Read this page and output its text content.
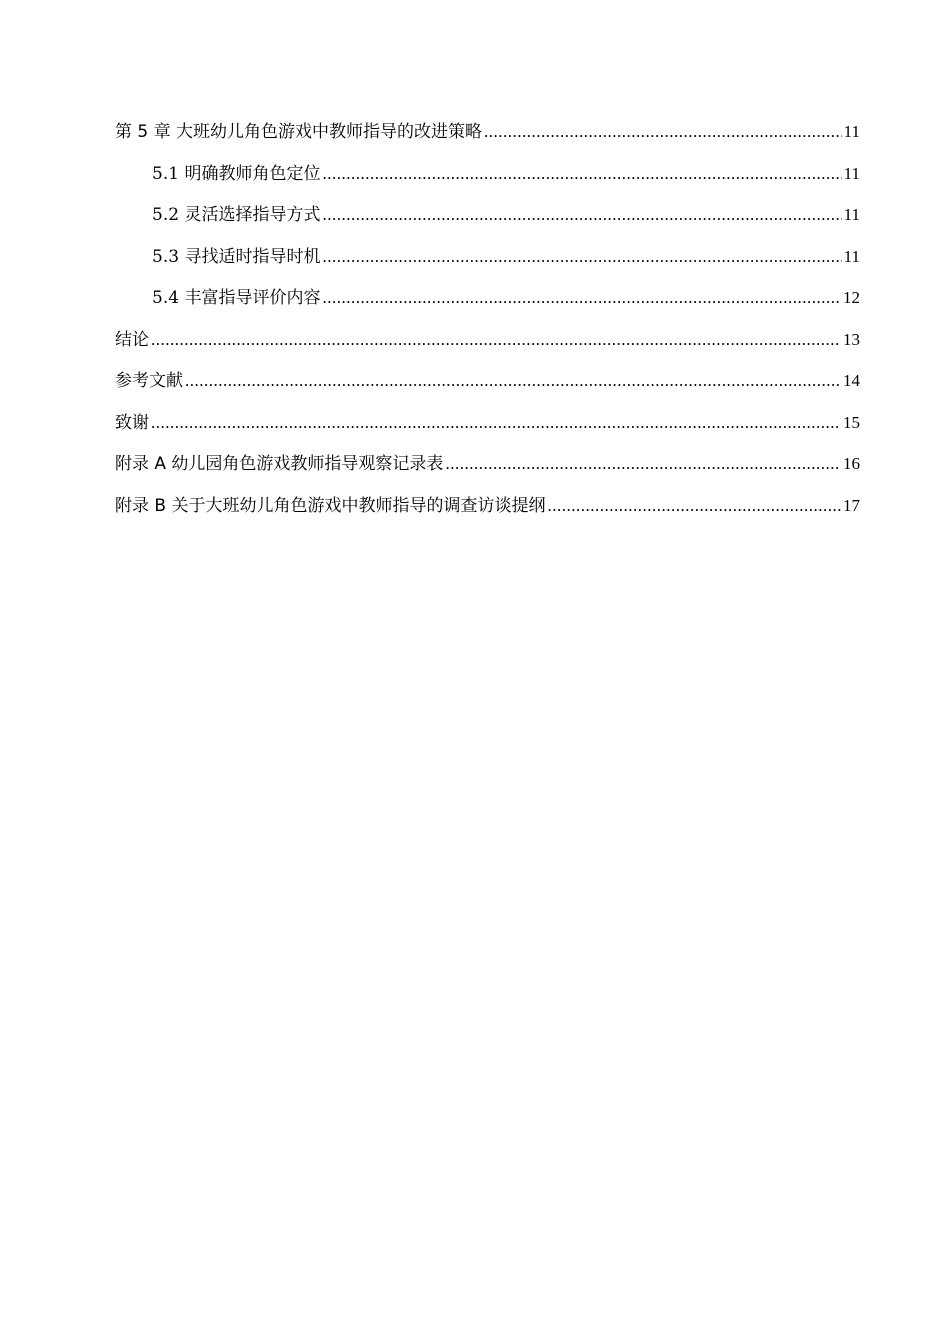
第 5 章 大班幼儿角色游戏中教师指导的改进策略 .....	11
5.1 明确教师角色定位 .....	11
5.2 灵活选择指导方式 .....	11
5.3 寻找适时指导时机 .....	11
5.4 丰富指导评价内容 .....	12
结论 .....	13
参考文献 .....	14
致谢 .....	15
附录 A 幼儿园角色游戏教师指导观察记录表 .....	16
附录 B 关于大班幼儿角色游戏中教师指导的调查访谈提纲 .....	17
